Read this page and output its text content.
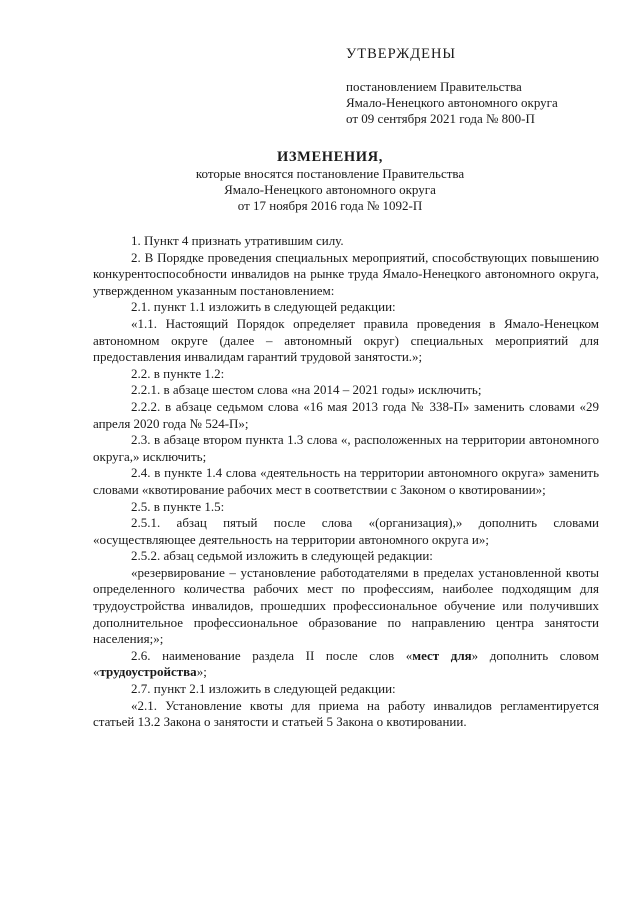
УТВЕРЖДЕНЫ
постановлением Правительства
Ямало-Ненецкого автономного округа
от 09 сентября 2021 года № 800-П
ИЗМЕНЕНИЯ,
которые вносятся постановление Правительства
Ямало-Ненецкого автономного округа
от 17 ноября 2016 года № 1092-П
1. Пункт 4 признать утратившим силу.
2. В Порядке проведения специальных мероприятий, способствующих повышению конкурентоспособности инвалидов на рынке труда Ямало-Ненецкого автономного округа, утвержденном указанным постановлением:
2.1. пункт 1.1 изложить в следующей редакции:
«1.1. Настоящий Порядок определяет правила проведения в Ямало-Ненецком автономном округе (далее – автономный округ) специальных мероприятий для предоставления инвалидам гарантий трудовой занятости.»;
2.2. в пункте 1.2:
2.2.1. в абзаце шестом слова «на 2014 – 2021 годы» исключить;
2.2.2. в абзаце седьмом слова «16 мая 2013 года № 338-П» заменить словами «29 апреля 2020 года № 524-П»;
2.3. в абзаце втором пункта 1.3 слова «, расположенных на территории автономного округа,» исключить;
2.4. в пункте 1.4 слова «деятельность на территории автономного округа» заменить словами «квотирование рабочих мест в соответствии с Законом о квотировании»;
2.5. в пункте 1.5:
2.5.1. абзац пятый после слова «(организация),» дополнить словами «осуществляющее деятельность на территории автономного округа и»;
2.5.2. абзац седьмой изложить в следующей редакции:
«резервирование – установление работодателями в пределах установленной квоты определенного количества рабочих мест по профессиям, наиболее подходящим для трудоустройства инвалидов, прошедших профессиональное обучение или получивших дополнительное профессиональное образование по направлению центра занятости населения;»;
2.6. наименование раздела II после слов «мест для» дополнить словом «трудоустройства»;
2.7. пункт 2.1 изложить в следующей редакции:
«2.1. Установление квоты для приема на работу инвалидов регламентируется статьей 13.2 Закона о занятости и статьей 5 Закона о квотировании.
